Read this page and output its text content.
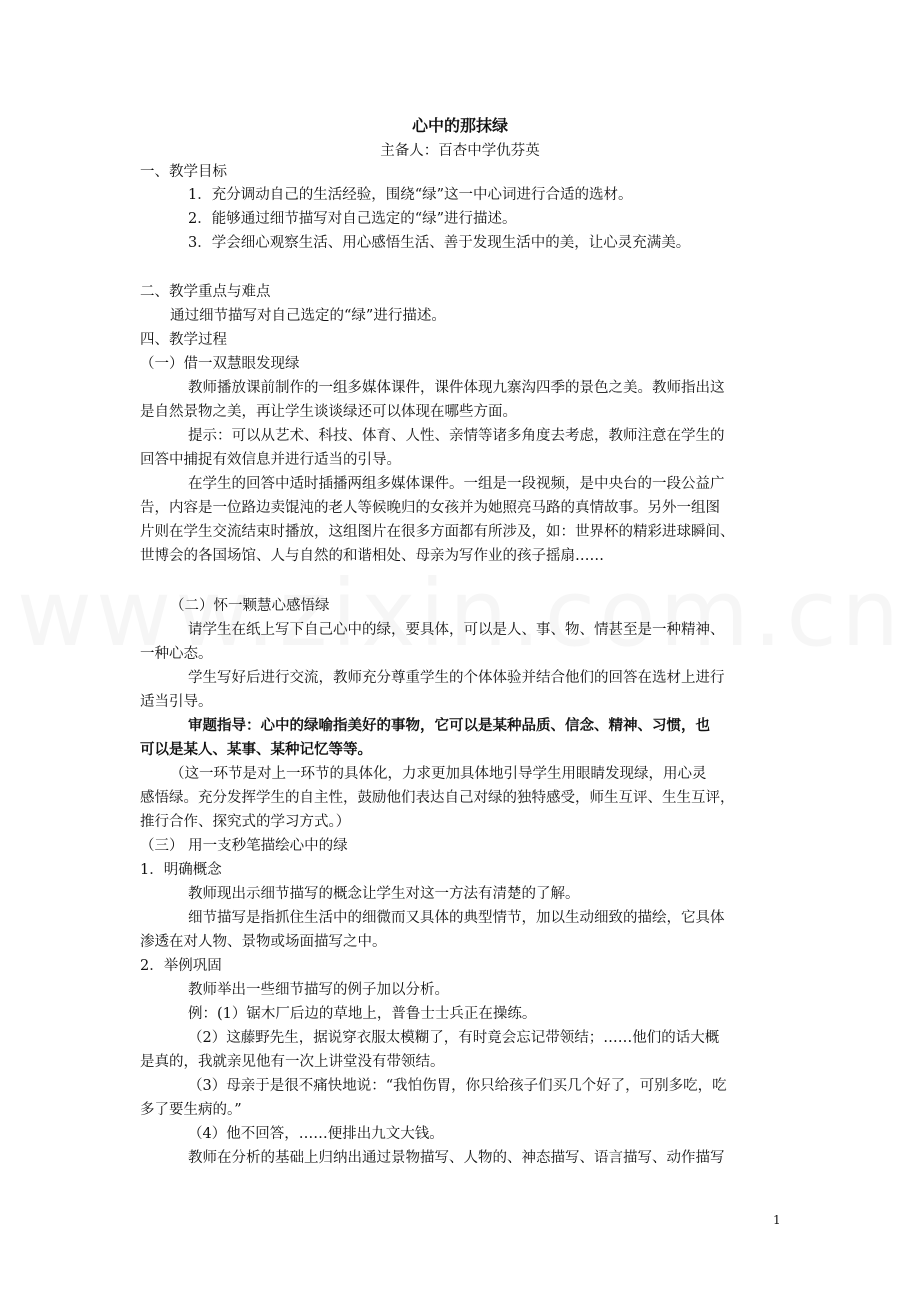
心中的那抹绿
主备人：百杏中学仇芬英
一、教学目标
1．充分调动自己的生活经验，围绕“绿”这一中心词进行合适的选材。
2．能够通过细节描写对自己选定的“绿”进行描述。
3．学会细心观察生活、用心感悟生活、善于发现生活中的美，让心灵充满美。
二、教学重点与难点
通过细节描写对自己选定的“绿”进行描述。
四、教学过程
（一）借一双慧眼发现绿
教师播放课前制作的一组多媒体课件，课件体现九寨沟四季的景色之美。教师指出这
是自然景物之美，再让学生谈谈绿还可以体现在哪些方面。
提示：可以从艺术、科技、体育、人性、亲情等诸多角度去考虑，教师注意在学生的
回答中捕捉有效信息并进行适当的引导。
在学生的回答中适时插播两组多媒体课件。一组是一段视频，是中央台的一段公益广
告，内容是一位路边卖馄沌的老人等候晚归的女孩并为她照亮马路的真情故事。另外一组图
片则在学生交流结束时播放，这组图片在很多方面都有所涉及，如：世界杯的精彩进球瞬间、
世博会的各国场馆、人与自然的和谐相处、母亲为写作业的孩子摇扇……
（二）怀一颗慧心感悟绿
请学生在纸上写下自己心中的绿，要具体，可以是人、事、物、情甚至是一种精神、
一种心态。
学生写好后进行交流，教师充分尊重学生的个体体验并结合他们的回答在选材上进行
适当引导。
审题指导：心中的绿喻指美好的事物，它可以是某种品质、信念、精神、习惯，也
可以是某人、某事、某种记忆等等。
（这一环节是对上一环节的具体化，力求更加具体地引导学生用眼睛发现绿，用心灵
感悟绿。充分发挥学生的自主性，鼓励他们表达自己对绿的独特感受，师生互评、生生互评，
推行合作、探究式的学习方式。）
（三） 用一支秒笔描绘心中的绿
1．明确概念
教师现出示细节描写的概念让学生对这一方法有清楚的了解。
细节描写是指抓住生活中的细微而又具体的典型情节，加以生动细致的描绘，它具体
渗透在对人物、景物或场面描写之中。
2．举例巩固
教师举出一些细节描写的例子加以分析。
例：(1）锯木厂后边的草地上，普鲁士士兵正在操练。
（2）这藤野先生，据说穿衣服太模糊了，有时竟会忘记带领结；……他们的话大概
是真的，我就亲见他有一次上讲堂没有带领结。
（3）母亲于是很不痛快地说：“我怕伤胃，你只给孩子们买几个好了，可别多吃，吃
多了要生病的。”
（4）他不回答，……便排出九文大钱。
教师在分析的基础上归纳出通过景物描写、人物的、神态描写、语言描写、动作描写
1
